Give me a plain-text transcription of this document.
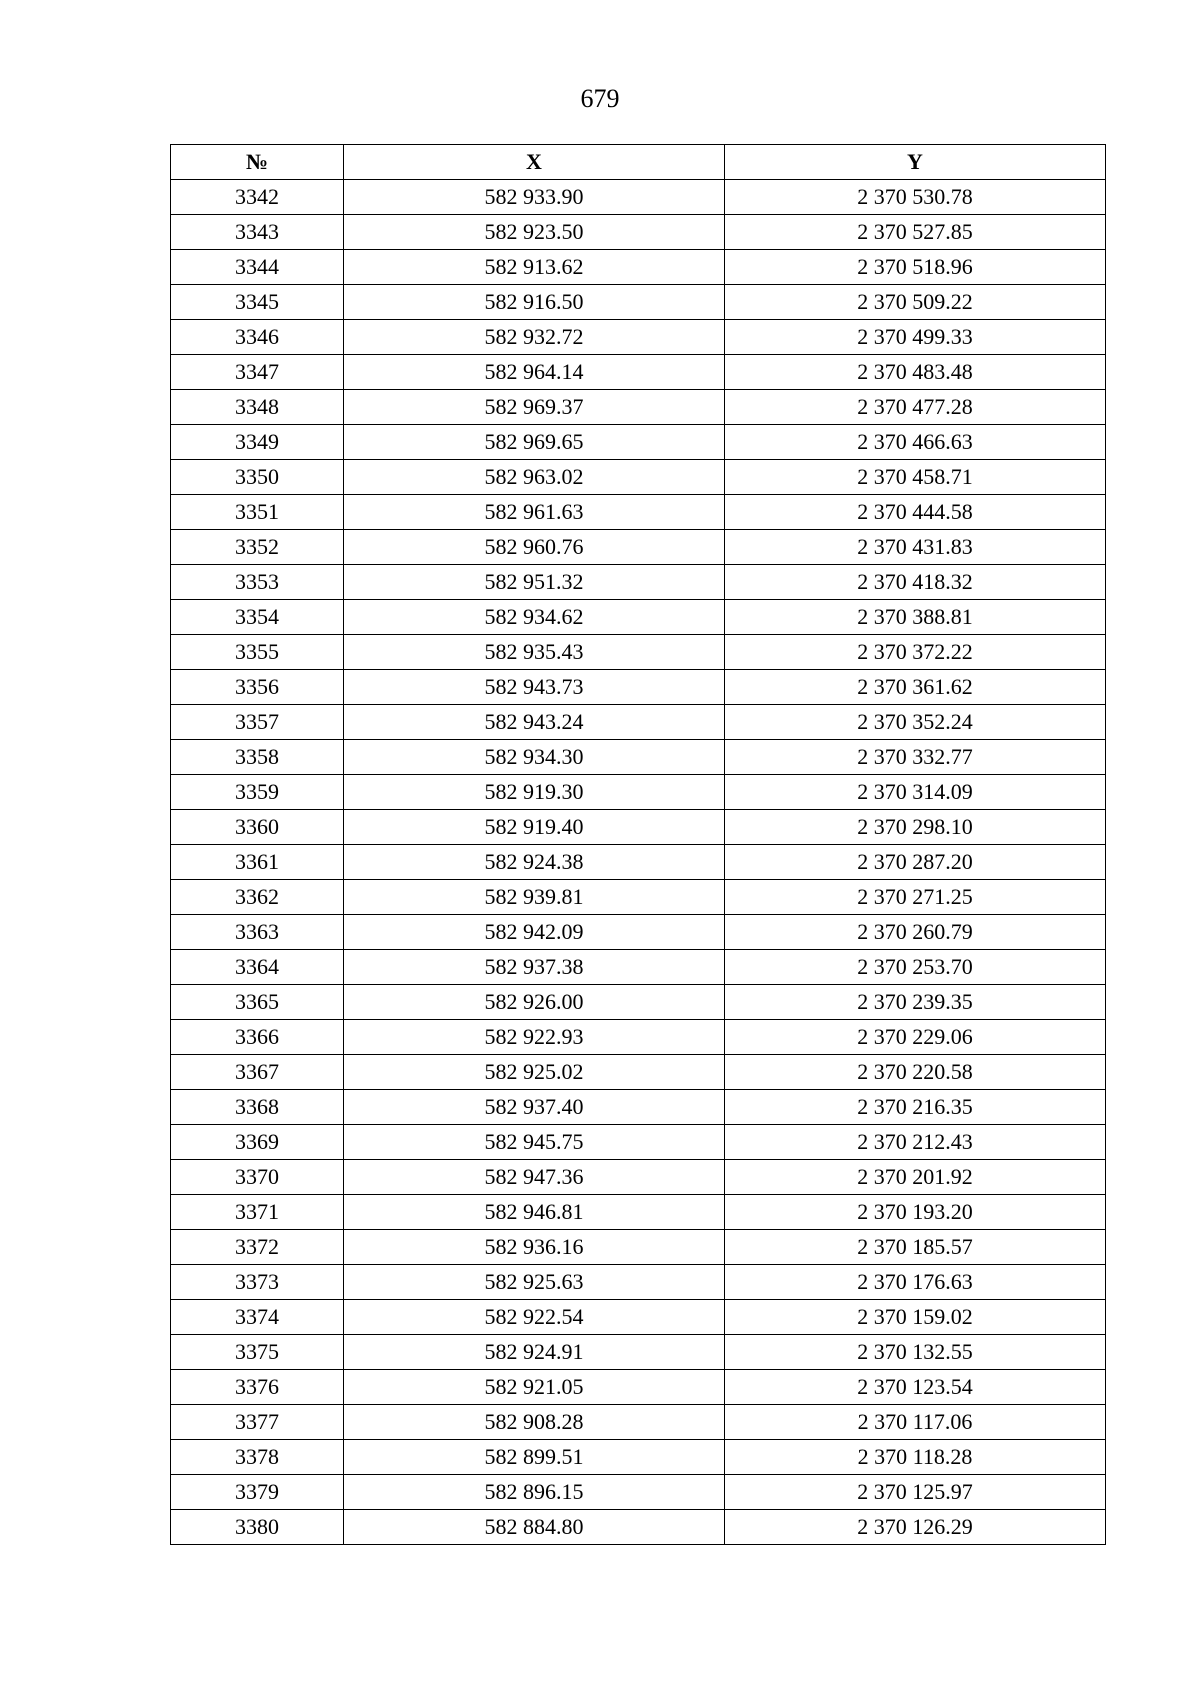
679
№	X	Y
3342	582 933.90	2 370 530.78
3343	582 923.50	2 370 527.85
3344	582 913.62	2 370 518.96
3345	582 916.50	2 370 509.22
3346	582 932.72	2 370 499.33
3347	582 964.14	2 370 483.48
3348	582 969.37	2 370 477.28
3349	582 969.65	2 370 466.63
3350	582 963.02	2 370 458.71
3351	582 961.63	2 370 444.58
3352	582 960.76	2 370 431.83
3353	582 951.32	2 370 418.32
3354	582 934.62	2 370 388.81
3355	582 935.43	2 370 372.22
3356	582 943.73	2 370 361.62
3357	582 943.24	2 370 352.24
3358	582 934.30	2 370 332.77
3359	582 919.30	2 370 314.09
3360	582 919.40	2 370 298.10
3361	582 924.38	2 370 287.20
3362	582 939.81	2 370 271.25
3363	582 942.09	2 370 260.79
3364	582 937.38	2 370 253.70
3365	582 926.00	2 370 239.35
3366	582 922.93	2 370 229.06
3367	582 925.02	2 370 220.58
3368	582 937.40	2 370 216.35
3369	582 945.75	2 370 212.43
3370	582 947.36	2 370 201.92
3371	582 946.81	2 370 193.20
3372	582 936.16	2 370 185.57
3373	582 925.63	2 370 176.63
3374	582 922.54	2 370 159.02
3375	582 924.91	2 370 132.55
3376	582 921.05	2 370 123.54
3377	582 908.28	2 370 117.06
3378	582 899.51	2 370 118.28
3379	582 896.15	2 370 125.97
3380	582 884.80	2 370 126.29
